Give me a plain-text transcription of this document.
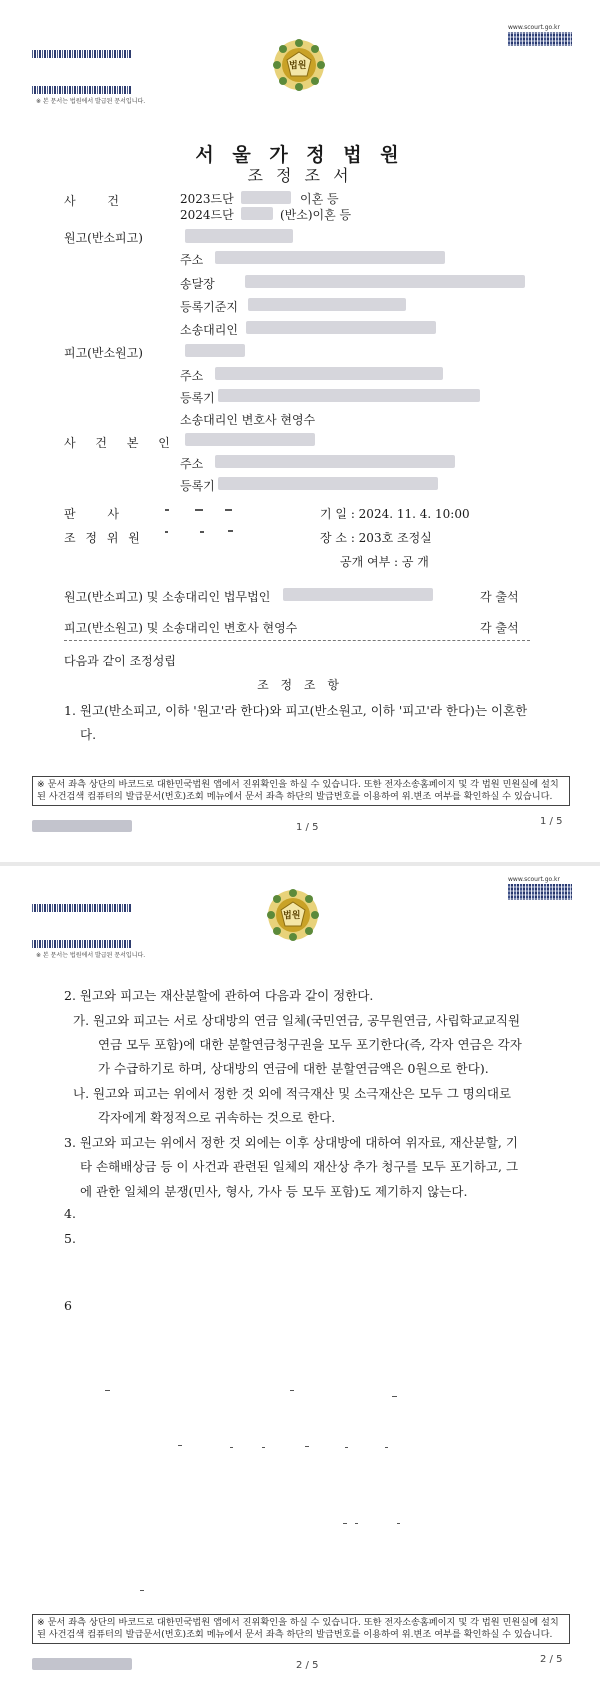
www.scourt.go.kr
※ 본 문서는 법원에서 발급된 문서입니다.
법원
서 울 가 정 법 원
조 정 조 서
사 건	2023드단	이혼 등
2024드단	(반소)이혼 등
원고(반소피고)
주소
송달장
등록기준지
소송대리인
피고(반소원고)
주소
등록기
소송대리인 변호사 현영수
사 건 본 인
주소
등록기
판 사
조 정 위 원
기 일 : 2024. 11. 4. 10:00
장 소 : 203호 조정실
공개 여부 : 공 개
원고(반소피고) 및 소송대리인 법무법인	각 출석
피고(반소원고) 및 소송대리인 변호사 현영수	각 출석
다음과 같이 조정성립
조 정 조 항
1. 원고(반소피고, 이하 '원고'라 한다)와 피고(반소원고, 이하 '피고'라 한다)는 이혼한
다.
※ 문서 좌측 상단의 바코드로 대한민국법원 앱에서 진위확인을 하실 수 있습니다. 또한 전자소송홈페이지 및 각 법원 민원실에 설치된 사건검색 컴퓨터의 발급문서(번호)조회 메뉴에서 문서 좌측 하단의 발급번호를 이용하여 위.변조 여부를 확인하실 수 있습니다.
1 / 5
1 / 5
www.scourt.go.kr
※ 본 문서는 법원에서 발급된 문서입니다.
법원
2. 원고와 피고는 재산분할에 관하여 다음과 같이 정한다.
가. 원고와 피고는 서로 상대방의 연금 일체(국민연금, 공무원연금, 사립학교교직원
연금 모두 포함)에 대한 분할연금청구권을 모두 포기한다(즉, 각자 연금은 각자
가 수급하기로 하며, 상대방의 연금에 대한 분할연금액은 0원으로 한다).
나. 원고와 피고는 위에서 정한 것 외에 적극재산 및 소극재산은 모두 그 명의대로
각자에게 확정적으로 귀속하는 것으로 한다.
3. 원고와 피고는 위에서 정한 것 외에는 이후 상대방에 대하여 위자료, 재산분할, 기
타 손해배상금 등 이 사건과 관련된 일체의 재산상 추가 청구를 모두 포기하고, 그
에 관한 일체의 분쟁(민사, 형사, 가사 등 모두 포함)도 제기하지 않는다.
4.
5.
6
※ 문서 좌측 상단의 바코드로 대한민국법원 앱에서 진위확인을 하실 수 있습니다. 또한 전자소송홈페이지 및 각 법원 민원실에 설치된 사건검색 컴퓨터의 발급문서(번호)조회 메뉴에서 문서 좌측 하단의 발급번호를 이용하여 위.변조 여부를 확인하실 수 있습니다.
2 / 5
2 / 5
